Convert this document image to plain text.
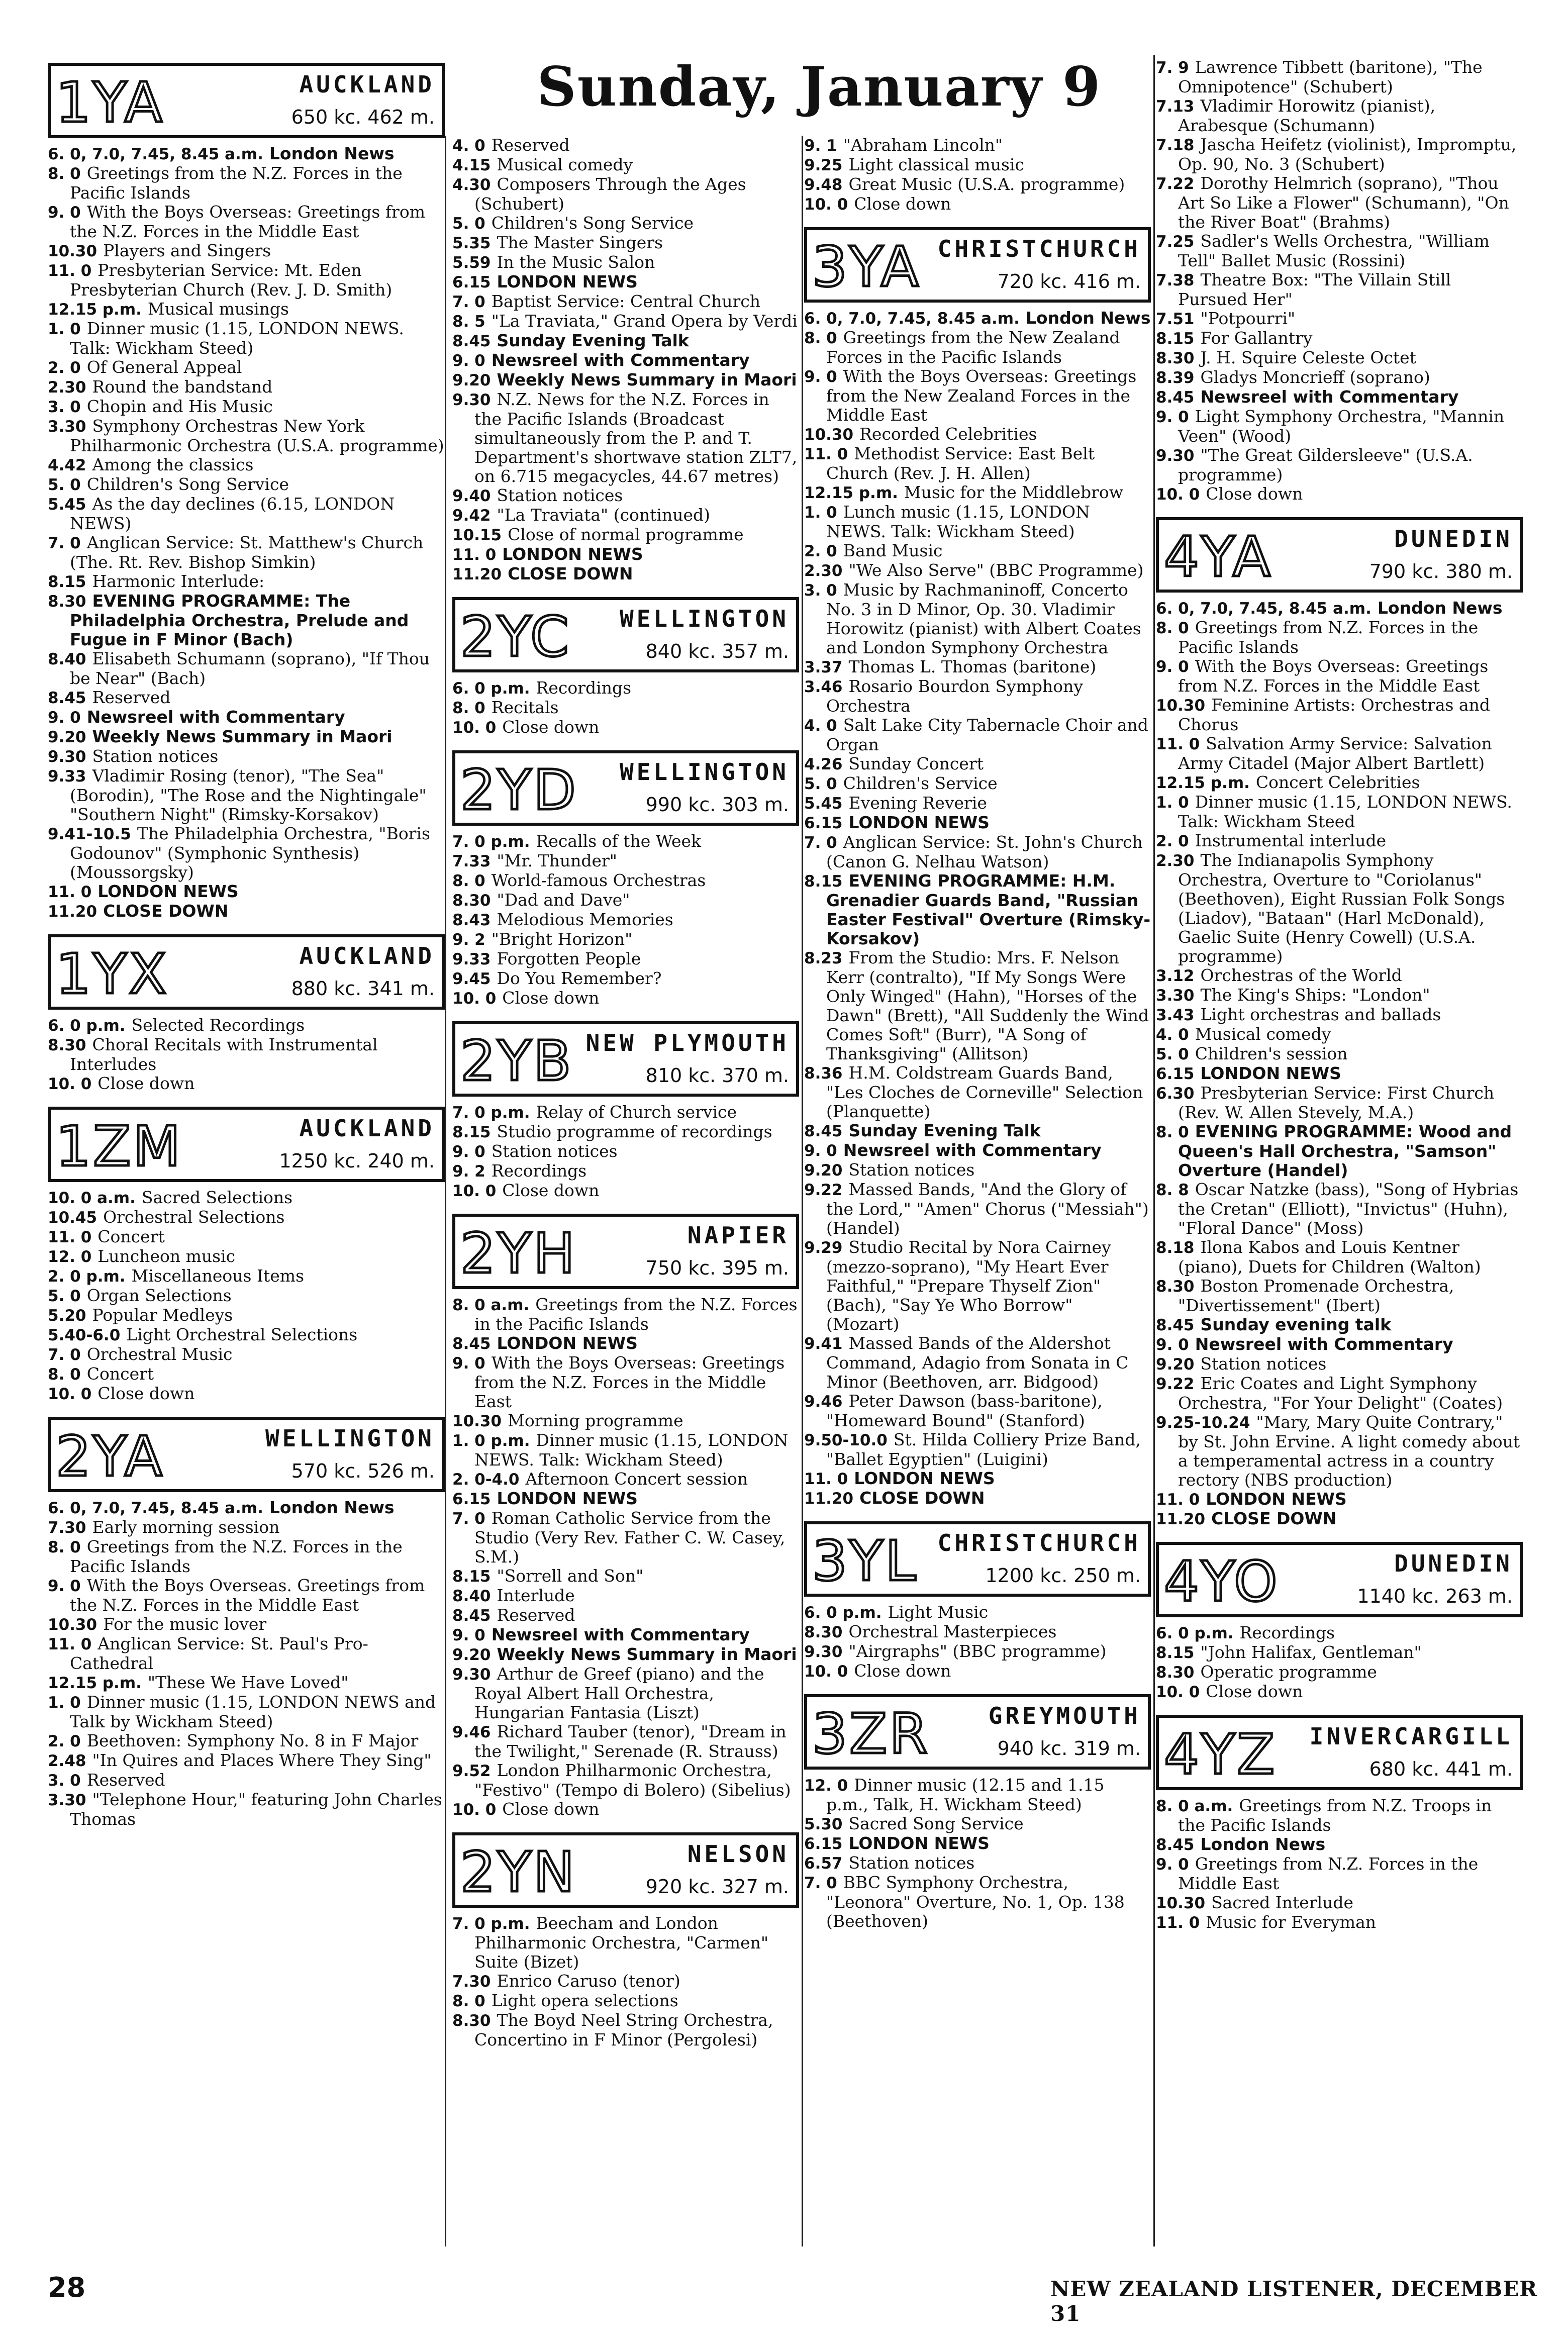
Sunday, January 9
1YA	AUCKLAND
650 kc. 462 m.

6. 0, 7.0, 7.45, 8.45 a.m. London News

8. 0 Greetings from the N.Z. Forces in the Pacific Islands

9. 0 With the Boys Overseas: Greetings from the N.Z. Forces in the Middle East

10.30 Players and Singers

11. 0 Presbyterian Service: Mt. Eden Presbyterian Church (Rev. J. D. Smith)

12.15 p.m. Musical musings

1. 0 Dinner music (1.15, LONDON NEWS. Talk: Wickham Steed)

2. 0 Of General Appeal

2.30 Round the bandstand

3. 0 Chopin and His Music

3.30 Symphony Orchestras New York Philharmonic Orchestra (U.S.A. programme)

4.42 Among the classics

5. 0 Children's Song Service

5.45 As the day declines (6.15, LONDON NEWS)

7. 0 Anglican Service: St. Matthew's Church (The. Rt. Rev. Bishop Simkin)

8.15 Harmonic Interlude:

8.30 EVENING PROGRAMME: The Philadelphia Orchestra, Prelude and Fugue in F Minor (Bach)

8.40 Elisabeth Schumann (soprano), "If Thou be Near" (Bach)

8.45 Reserved

9. 0 Newsreel with Commentary

9.20 Weekly News Summary in Maori

9.30 Station notices

9.33 Vladimir Rosing (tenor), "The Sea" (Borodin), "The Rose and the Nightingale" "Southern Night" (Rimsky-Korsakov)

9.41-10.5 The Philadelphia Orchestra, "Boris Godounov" (Symphonic Synthesis) (Moussorgsky)

11. 0 LONDON NEWS

11.20 CLOSE DOWN

1YX	AUCKLAND
880 kc. 341 m.

6. 0 p.m. Selected Recordings

8.30 Choral Recitals with Instrumental Interludes

10. 0 Close down

1ZM	AUCKLAND
1250 kc. 240 m.

10. 0 a.m. Sacred Selections

10.45 Orchestral Selections

11. 0 Concert

12. 0 Luncheon music

2. 0 p.m. Miscellaneous Items

5. 0 Organ Selections

5.20 Popular Medleys

5.40-6.0 Light Orchestral Selections

7. 0 Orchestral Music

8. 0 Concert

10. 0 Close down

2YA	WELLINGTON
570 kc. 526 m.

6. 0, 7.0, 7.45, 8.45 a.m. London News

7.30 Early morning session

8. 0 Greetings from the N.Z. Forces in the Pacific Islands

9. 0 With the Boys Overseas. Greetings from the N.Z. Forces in the Middle East

10.30 For the music lover

11. 0 Anglican Service: St. Paul's Pro-Cathedral

12.15 p.m. "These We Have Loved"

1. 0 Dinner music (1.15, LONDON NEWS and Talk by Wickham Steed)

2. 0 Beethoven: Symphony No. 8 in F Major

2.48 "In Quires and Places Where They Sing"

3. 0 Reserved

3.30 "Telephone Hour," featuring John Charles Thomas

4. 0 Reserved

4.15 Musical comedy

4.30 Composers Through the Ages (Schubert)

5. 0 Children's Song Service

5.35 The Master Singers

5.59 In the Music Salon

6.15 LONDON NEWS

7. 0 Baptist Service: Central Church

8. 5 "La Traviata," Grand Opera by Verdi

8.45 Sunday Evening Talk

9. 0 Newsreel with Commentary

9.20 Weekly News Summary in Maori

9.30 N.Z. News for the N.Z. Forces in the Pacific Islands (Broadcast simultaneously from the P. and T. Department's shortwave station ZLT7, on 6.715 megacycles, 44.67 metres)

9.40 Station notices

9.42 "La Traviata" (continued)

10.15 Close of normal programme

11. 0 LONDON NEWS

11.20 CLOSE DOWN

2YC WELLINGTON
840 kc. 357 m.

6. 0 p.m. Recordings

8. 0 Recitals

10. 0 Close down

2YD WELLINGTON
990 kc. 303 m.

7. 0 p.m. Recalls of the Week

7.33 "Mr. Thunder"

8. 0 World-famous Orchestras

8.30 "Dad and Dave"

8.43 Melodious Memories

9. 2 "Bright Horizon"

9.33 Forgotten People

9.45 Do You Remember?

10. 0 Close down

2YB NEW PLYMOUTH
810 kc. 370 m.

7. 0 p.m. Relay of Church service

8.15 Studio programme of recordings

9. 0 Station notices

9. 2 Recordings

10. 0 Close down

2YH	NAPIER
750 kc. 395 m.

8. 0 a.m. Greetings from the N.Z. Forces in the Pacific Islands

8.45 LONDON NEWS

9. 0 With the Boys Overseas: Greetings from the N.Z. Forces in the Middle East

10.30 Morning programme

1. 0 p.m. Dinner music (1.15, LONDON NEWS. Talk: Wickham Steed)

2. 0-4.0 Afternoon Concert session

6.15 LONDON NEWS

7. 0 Roman Catholic Service from the Studio (Very Rev. Father C. W. Casey, S.M.)

8.15 "Sorrell and Son"

8.40 Interlude

8.45 Reserved

9. 0 Newsreel with Commentary

9.20 Weekly News Summary in Maori

9.30 Arthur de Greef (piano) and the Royal Albert Hall Orchestra, Hungarian Fantasia (Liszt)

9.46 Richard Tauber (tenor), "Dream in the Twilight," Serenade (R. Strauss)

9.52 London Philharmonic Orchestra, "Festivo" (Tempo di Bolero) (Sibelius)

10. 0 Close down

2YN	NELSON
920 kc. 327 m.

7. 0 p.m. Beecham and London Philharmonic Orchestra, "Carmen" Suite (Bizet)

7.30 Enrico Caruso (tenor)

8. 0 Light opera selections

8.30 The Boyd Neel String Orchestra, Concertino in F Minor (Pergolesi)

9. 1 "Abraham Lincoln"

9.25 Light classical music

9.48 Great Music (U.S.A. programme)

10. 0 Close down

3YA CHRISTCHURCH
720 kc. 416 m.

6. 0, 7.0, 7.45, 8.45 a.m. London News

8. 0 Greetings from the New Zealand Forces in the Pacific Islands

9. 0 With the Boys Overseas: Greetings from the New Zealand Forces in the Middle East

10.30 Recorded Celebrities

11. 0 Methodist Service: East Belt Church (Rev. J. H. Allen)

12.15 p.m. Music for the Middlebrow

1. 0 Lunch music (1.15, LONDON NEWS. Talk: Wickham Steed)

2. 0 Band Music

2.30 "We Also Serve" (BBC Programme)

3. 0 Music by Rachmaninoff, Concerto No. 3 in D Minor, Op. 30. Vladimir Horowitz (pianist) with Albert Coates and London Symphony Orchestra

3.37 Thomas L. Thomas (baritone)

3.46 Rosario Bourdon Symphony Orchestra

4. 0 Salt Lake City Tabernacle Choir and Organ

4.26 Sunday Concert

5. 0 Children's Service

5.45 Evening Reverie

6.15 LONDON NEWS

7. 0 Anglican Service: St. John's Church (Canon G. Nelhau Watson)

8.15 EVENING PROGRAMME: H.M. Grenadier Guards Band, "Russian Easter Festival" Overture (Rimsky-Korsakov)

8.23 From the Studio: Mrs. F. Nelson Kerr (contralto), "If My Songs Were Only Winged" (Hahn), "Horses of the Dawn" (Brett), "All Suddenly the Wind Comes Soft" (Burr), "A Song of Thanksgiving" (Allitson)

8.36 H.M. Coldstream Guards Band, "Les Cloches de Corneville" Selection (Planquette)

8.45 Sunday Evening Talk

9. 0 Newsreel with Commentary

9.20 Station notices

9.22 Massed Bands, "And the Glory of the Lord," "Amen" Chorus ("Messiah") (Handel)

9.29 Studio Recital by Nora Cairney (mezzo-soprano), "My Heart Ever Faithful," "Prepare Thyself Zion" (Bach), "Say Ye Who Borrow" (Mozart)

9.41 Massed Bands of the Aldershot Command, Adagio from Sonata in C Minor (Beethoven, arr. Bidgood)

9.46 Peter Dawson (bass-baritone), "Homeward Bound" (Stanford)

9.50-10.0 St. Hilda Colliery Prize Band, "Ballet Egyptien" (Luigini)

11. 0 LONDON NEWS

11.20 CLOSE DOWN

3YL CHRISTCHURCH
1200 kc. 250 m.

6. 0 p.m. Light Music

8.30 Orchestral Masterpieces

9.30 "Airgraphs" (BBC programme)

10. 0 Close down

3ZR	GREYMOUTH
940 kc. 319 m.

12. 0 Dinner music (12.15 and 1.15 p.m., Talk, H. Wickham Steed)

5.30 Sacred Song Service

6.15 LONDON NEWS

6.57 Station notices

7. 0 BBC Symphony Orchestra, "Leonora" Overture, No. 1, Op. 138 (Beethoven)

7. 9 Lawrence Tibbett (baritone), "The Omnipotence" (Schubert)

7.13 Vladimir Horowitz (pianist), Arabesque (Schumann)

7.18 Jascha Heifetz (violinist), Impromptu, Op. 90, No. 3 (Schubert)

7.22 Dorothy Helmrich (soprano), "Thou Art So Like a Flower" (Schumann), "On the River Boat" (Brahms)

7.25 Sadler's Wells Orchestra, "William Tell" Ballet Music (Rossini)

7.38 Theatre Box: "The Villain Still Pursued Her"

7.51 "Potpourri"

8.15 For Gallantry

8.30 J. H. Squire Celeste Octet

8.39 Gladys Moncrieff (soprano)

8.45 Newsreel with Commentary

9. 0 Light Symphony Orchestra, "Mannin Veen" (Wood)

9.30 "The Great Gildersleeve" (U.S.A. programme)

10. 0 Close down

4YA	DUNEDIN
790 kc. 380 m.

6. 0, 7.0, 7.45, 8.45 a.m. London News

8. 0 Greetings from N.Z. Forces in the Pacific Islands

9. 0 With the Boys Overseas: Greetings from N.Z. Forces in the Middle East

10.30 Feminine Artists: Orchestras and Chorus

11. 0 Salvation Army Service: Salvation Army Citadel (Major Albert Bartlett)

12.15 p.m. Concert Celebrities

1. 0 Dinner music (1.15, LONDON NEWS. Talk: Wickham Steed

2. 0 Instrumental interlude

2.30 The Indianapolis Symphony Orchestra, Overture to "Coriolanus" (Beethoven), Eight Russian Folk Songs (Liadov), "Bataan" (Harl McDonald), Gaelic Suite (Henry Cowell) (U.S.A. programme)

3.12 Orchestras of the World

3.30 The King's Ships: "London"

3.43 Light orchestras and ballads

4. 0 Musical comedy

5. 0 Children's session

6.15 LONDON NEWS

6.30 Presbyterian Service: First Church (Rev. W. Allen Stevely, M.A.)

8. 0 EVENING PROGRAMME: Wood and Queen's Hall Orchestra, "Samson" Overture (Handel)

8. 8 Oscar Natzke (bass), "Song of Hybrias the Cretan" (Elliott), "Invictus" (Huhn), "Floral Dance" (Moss)

8.18 Ilona Kabos and Louis Kentner (piano), Duets for Children (Walton)

8.30 Boston Promenade Orchestra, "Divertissement" (Ibert)

8.45 Sunday evening talk

9. 0 Newsreel with Commentary

9.20 Station notices

9.22 Eric Coates and Light Symphony Orchestra, "For Your Delight" (Coates)

9.25-10.24 "Mary, Mary Quite Contrary," by St. John Ervine. A light comedy about a temperamental actress in a country rectory (NBS production)

11. 0 LONDON NEWS

11.20 CLOSE DOWN

4YO	DUNEDIN
1140 kc. 263 m.

6. 0 p.m. Recordings

8.15 "John Halifax, Gentleman"

8.30 Operatic programme

10. 0 Close down

4YZ INVERCARGILL
680 kc. 441 m.

8. 0 a.m. Greetings from N.Z. Troops in the Pacific Islands

8.45 London News

9. 0 Greetings from N.Z. Forces in the Middle East

10.30 Sacred Interlude

11. 0 Music for Everyman

28	NEW ZEALAND LISTENER, DECEMBER 31
